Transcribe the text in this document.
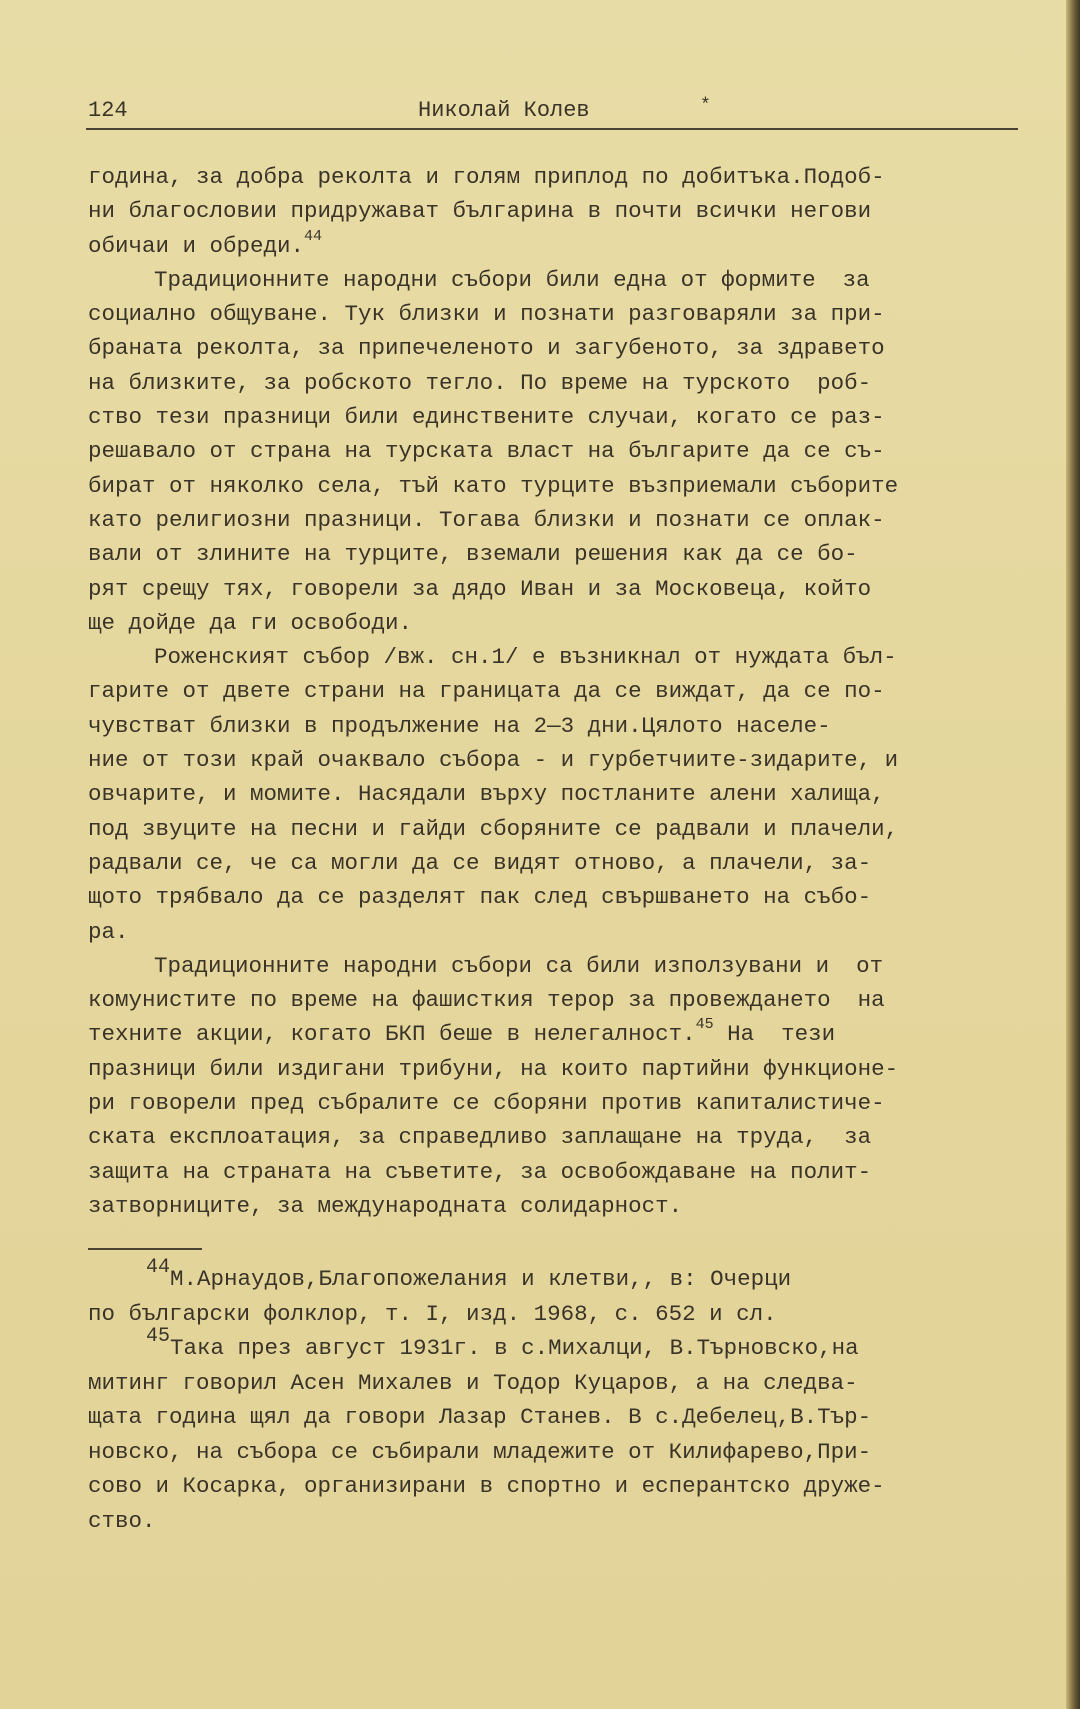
124	Николай Колев	*
година, за добра реколта и голям приплод по добитъка.Подоб-
ни благословии придружават българина в почти всички негови
обичаи и обреди.$^{44}$
Традиционните народни събори били една от формите  за
социално общуване. Тук близки и познати разговаряли за при-
браната реколта, за припечеленото и загубеното, за здравето
на близките, за робското тегло. По време на турското  роб-
ство тези празници били единствените случаи, когато се раз-
решавало от страна на турската власт на българите да се съ-
бират от няколко села, тъй като турците възприемали съборите
като религиозни празници. Тогава близки и познати се оплак-
вали от злините на турците, вземали решения как да се бо-
рят срещу тях, говорели за дядо Иван и за Московеца, който
ще дойде да ги освободи.
Роженският събор /вж. сн.1/ е възникнал от нуждата бъл-
гарите от двете страни на границата да се виждат, да се по-
чувстват близки в продължение на 2—3 дни.Цялото населе-
ние от този край очаквало събора - и гурбетчиите-зидарите, и
овчарите, и момите. Насядали върху постланите алени халища,
под звуците на песни и гайди сборяните се радвали и плачели,
радвали се, че са могли да се видят отново, а плачели, за-
щото трябвало да се разделят пак след свършването на събо-
ра.
Традиционните народни събори са били използувани и  от
комунистите по време на фашисткия терор за провеждането  на
техните акции, когато БКП беше в нелегалност.$^{45}$ На  тези
празници били издигани трибуни, на които партийни функционе-
ри говорели пред събралите се сборяни против капиталистиче-
ската експлоатация, за справедливо заплащане на труда,  за
защита на страната на съветите, за освобождаване на полит-
затворниците, за международната солидарност.
$^{44}$М.Арнаудов,Благопожелания и клетви,, в: Очерци
по български фолклор, т. I, изд. 1968, с. 652 и сл.
$^{45}$Така през август 1931г. в с.Михалци, В.Търновско,на
митинг говорил Асен Михалев и Тодор Куцаров, а на следва-
щата година щял да говори Лазар Станев. В с.Дебелец,В.Тър-
новско, на събора се събирали младежите от Килифарево,При-
сово и Косарка, организирани в спортно и есперантско друже-
ство.
